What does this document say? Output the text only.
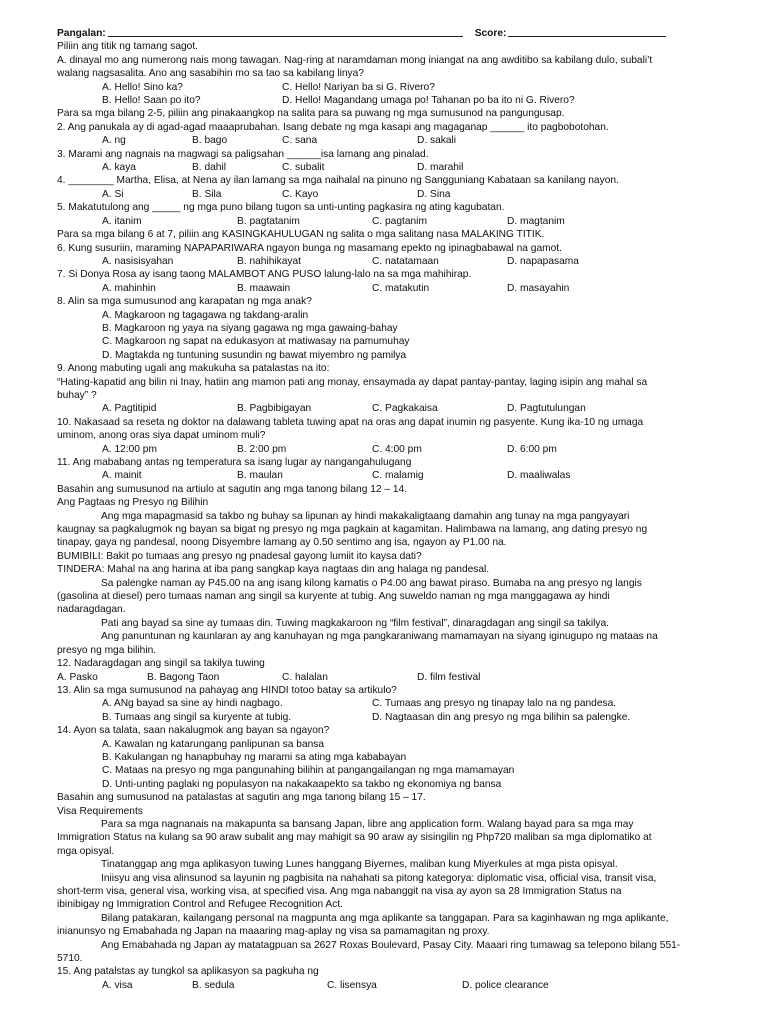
Pangalan:	Score:
Piliin ang titik ng tamang sagot.
A. dinayal mo ang numerong nais mong tawagan. Nag-ring at naramdaman mong iniangat na ang awditibo sa kabilang dulo, subali’t
walang nagsasalita. Ano ang sasabihin mo sa tao sa kabilang linya?
A. Hello! Sino ka?	C. Hello! Nariyan ba si G. Rivero?
B. Hello! Saan po ito?	D. Hello! Magandang umaga po! Tahanan po ba ito ni G. Rivero?
Para sa mga bilang 2-5, piliin ang pinakaangkop na salita para sa puwang ng mga sumusunod na pangungusap.
2. Ang panukala ay di agad-agad maaaprubahan. Isang debate ng mga kasapi ang magaganap ______ ito pagbobotohan.
A. ng	B. bago	C. sana	D. sakali
3. Marami ang nagnais na magwagi sa paligsahan ______isa lamang ang pinalad.
A. kaya	B. dahil	C. subalit	D. marahil
4. ________ Martha, Elisa, at Nena ay ilan lamang sa mga naihalal na pinuno ng Sangguniang Kabataan sa kanilang nayon.
A. Si	B. Sila	C. Kayo	D. Sina
5. Makatutulong ang _____ ng mga puno bilang tugon sa unti-unting pagkasira ng ating kagubatan.
A. itanim	B. pagtatanim	C. pagtanim	D. magtanim
Para sa mga bilang 6 at 7, piliin ang KASINGKAHULUGAN ng salita o mga salitang nasa MALAKING TITIK.
6. Kung susuriin, maraming NAPAPARIWARA ngayon bunga ng masamang epekto ng ipinagbabawal na gamot.
A. nasisisyahan	B. nahihikayat	C. natatamaan	D. napapasama
7. Si Donya Rosa ay isang taong MALAMBOT ANG PUSO lalung-lalo na sa mga mahihirap.
A. mahinhin	B. maawain	C. matakutin	D. masayahin
8. Alin sa mga sumusunod ang karapatan ng mga anak?
A. Magkaroon ng tagagawa ng takdang-aralin
B. Magkaroon ng yaya na siyang gagawa ng mga gawaing-bahay
C. Magkaroon ng sapat na edukasyon at matiwasay na pamumuhay
D. Magtakda ng tuntuning susundin ng bawat miyembro ng pamilya
9. Anong mabuting ugali ang makukuha sa patalastas na ito:
“Hating-kapatid ang bilin ni Inay, hatiin ang mamon pati ang monay, ensaymada ay dapat pantay-pantay, laging isipin ang mahal sa
buhay” ?
A. Pagtitipid	B. Pagbibigayan	C. Pagkakaisa	D. Pagtutulungan
10. Nakasaad sa reseta ng doktor na dalawang tableta tuwing apat na oras ang dapat inumin ng pasyente. Kung ika-10 ng umaga
uminom, anong oras siya dapat uminom muli?
A. 12:00 pm	B. 2:00 pm	C. 4:00 pm	D. 6:00 pm
11. Ang mababang antas ng temperatura sa isang lugar ay nangangahulugang
A. mainit	B. maulan	C. malamig	D. maaliwalas
Basahin ang sumusunod na artiulo at sagutin ang mga tanong bilang 12 – 14.
Ang Pagtaas ng Presyo ng Bilihin
Ang mga mapagmasid sa takbo ng buhay sa lipunan ay hindi makakaligtaang damahin ang tunay na mga pangyayari
kaugnay sa pagkalugmok ng bayan sa bigat ng presyo ng mga pagkain at kagamitan. Halimbawa na lamang, ang dating presyo ng
tinapay, gaya ng pandesal, noong Disyembre lamang ay 0.50 sentimo ang isa, ngayon ay P1.00 na.
BUMIBILI: Bakit po tumaas ang presyo ng pnadesal gayong lumiit ito kaysa dati?
TINDERA: Mahal na ang harina at iba pang sangkap kaya nagtaas din ang halaga ng pandesal.
Sa palengke naman ay P45.00 na ang isang kilong kamatis o P4.00 ang bawat piraso. Bumaba na ang presyo ng langis
(gasolina at diesel) pero tumaas naman ang singil sa kuryente at tubig. Ang suweldo naman ng mga manggagawa ay hindi
nadaragdagan.
Pati ang bayad sa sine ay tumaas din. Tuwing magkakaroon ng “film festival”, dinaragdagan ang singil sa takilya.
Ang panuntunan ng kaunlaran ay ang kanuhayan ng mga pangkaraniwang mamamayan na siyang iginugupo ng mataas na
presyo ng mga bilihin.
12. Nadaragdagan ang singil sa takilya tuwing
A. Pasko	B. Bagong Taon	C. halalan	D. film festival
13. Alin sa mga sumusunod na pahayag ang HINDI totoo batay sa artikulo?
A. ANg bayad sa sine ay hindi nagbago.	C. Tumaas ang presyo ng tinapay lalo na ng pandesa.
B. Tumaas ang singil sa kuryente at tubig.	D. Nagtaasan din ang presyo ng mga bilihin sa palengke.
14. Ayon sa talata, saan nakalugmok ang bayan sa ngayon?
A. Kawalan ng katarungang panlipunan sa bansa
B. Kakulangan ng hanapbuhay ng marami sa ating mga kababayan
C. Mataas na presyo ng mga pangunahing bilihin at pangangailangan ng mga mamamayan
D. Unti-unting paglaki ng populasyon na nakakaapekto sa takbo ng ekonomiya ng bansa
Basahin ang sumusunod na patalastas at sagutin ang mga tanong bilang 15 – 17.
Visa Requirements
Para sa mga nagnanais na makapunta sa bansang Japan, libre ang application form. Walang bayad para sa mga may
Immigration Status na kulang sa 90 araw subalit ang may mahigit sa 90 araw ay sisingilin ng Php720 maliban sa mga diplomatiko at
mga opisyal.
Tinatanggap ang mga aplikasyon tuwing Lunes hanggang Biyernes, maliban kung Miyerkules at mga pista opisyal.
Iniisyu ang visa alinsunod sa layunin ng pagbisita na nahahati sa pitong kategorya: diplomatic visa, official visa, transit visa,
short-term visa, general visa, working visa, at specified visa. Ang mga nabanggit na visa ay ayon sa 28 Immigration Status na
ibinibigay ng Immigration Control and Refugee Recognition Act.
Bilang patakaran, kailangang personal na magpunta ang mga aplikante sa tanggapan. Para sa kaginhawan ng mga aplikante,
inianunsyo ng Emabahada ng Japan na maaaring mag-aplay ng visa sa pamamagitan ng proxy.
Ang Emabahada ng Japan ay matatagpuan sa 2627 Roxas Boulevard, Pasay City. Maaari ring tumawag sa telepono bilang 551-
5710.
15. Ang patalstas ay tungkol sa aplikasyon sa pagkuha ng
A. visa	B. sedula	C. lisensya	D. police clearance
